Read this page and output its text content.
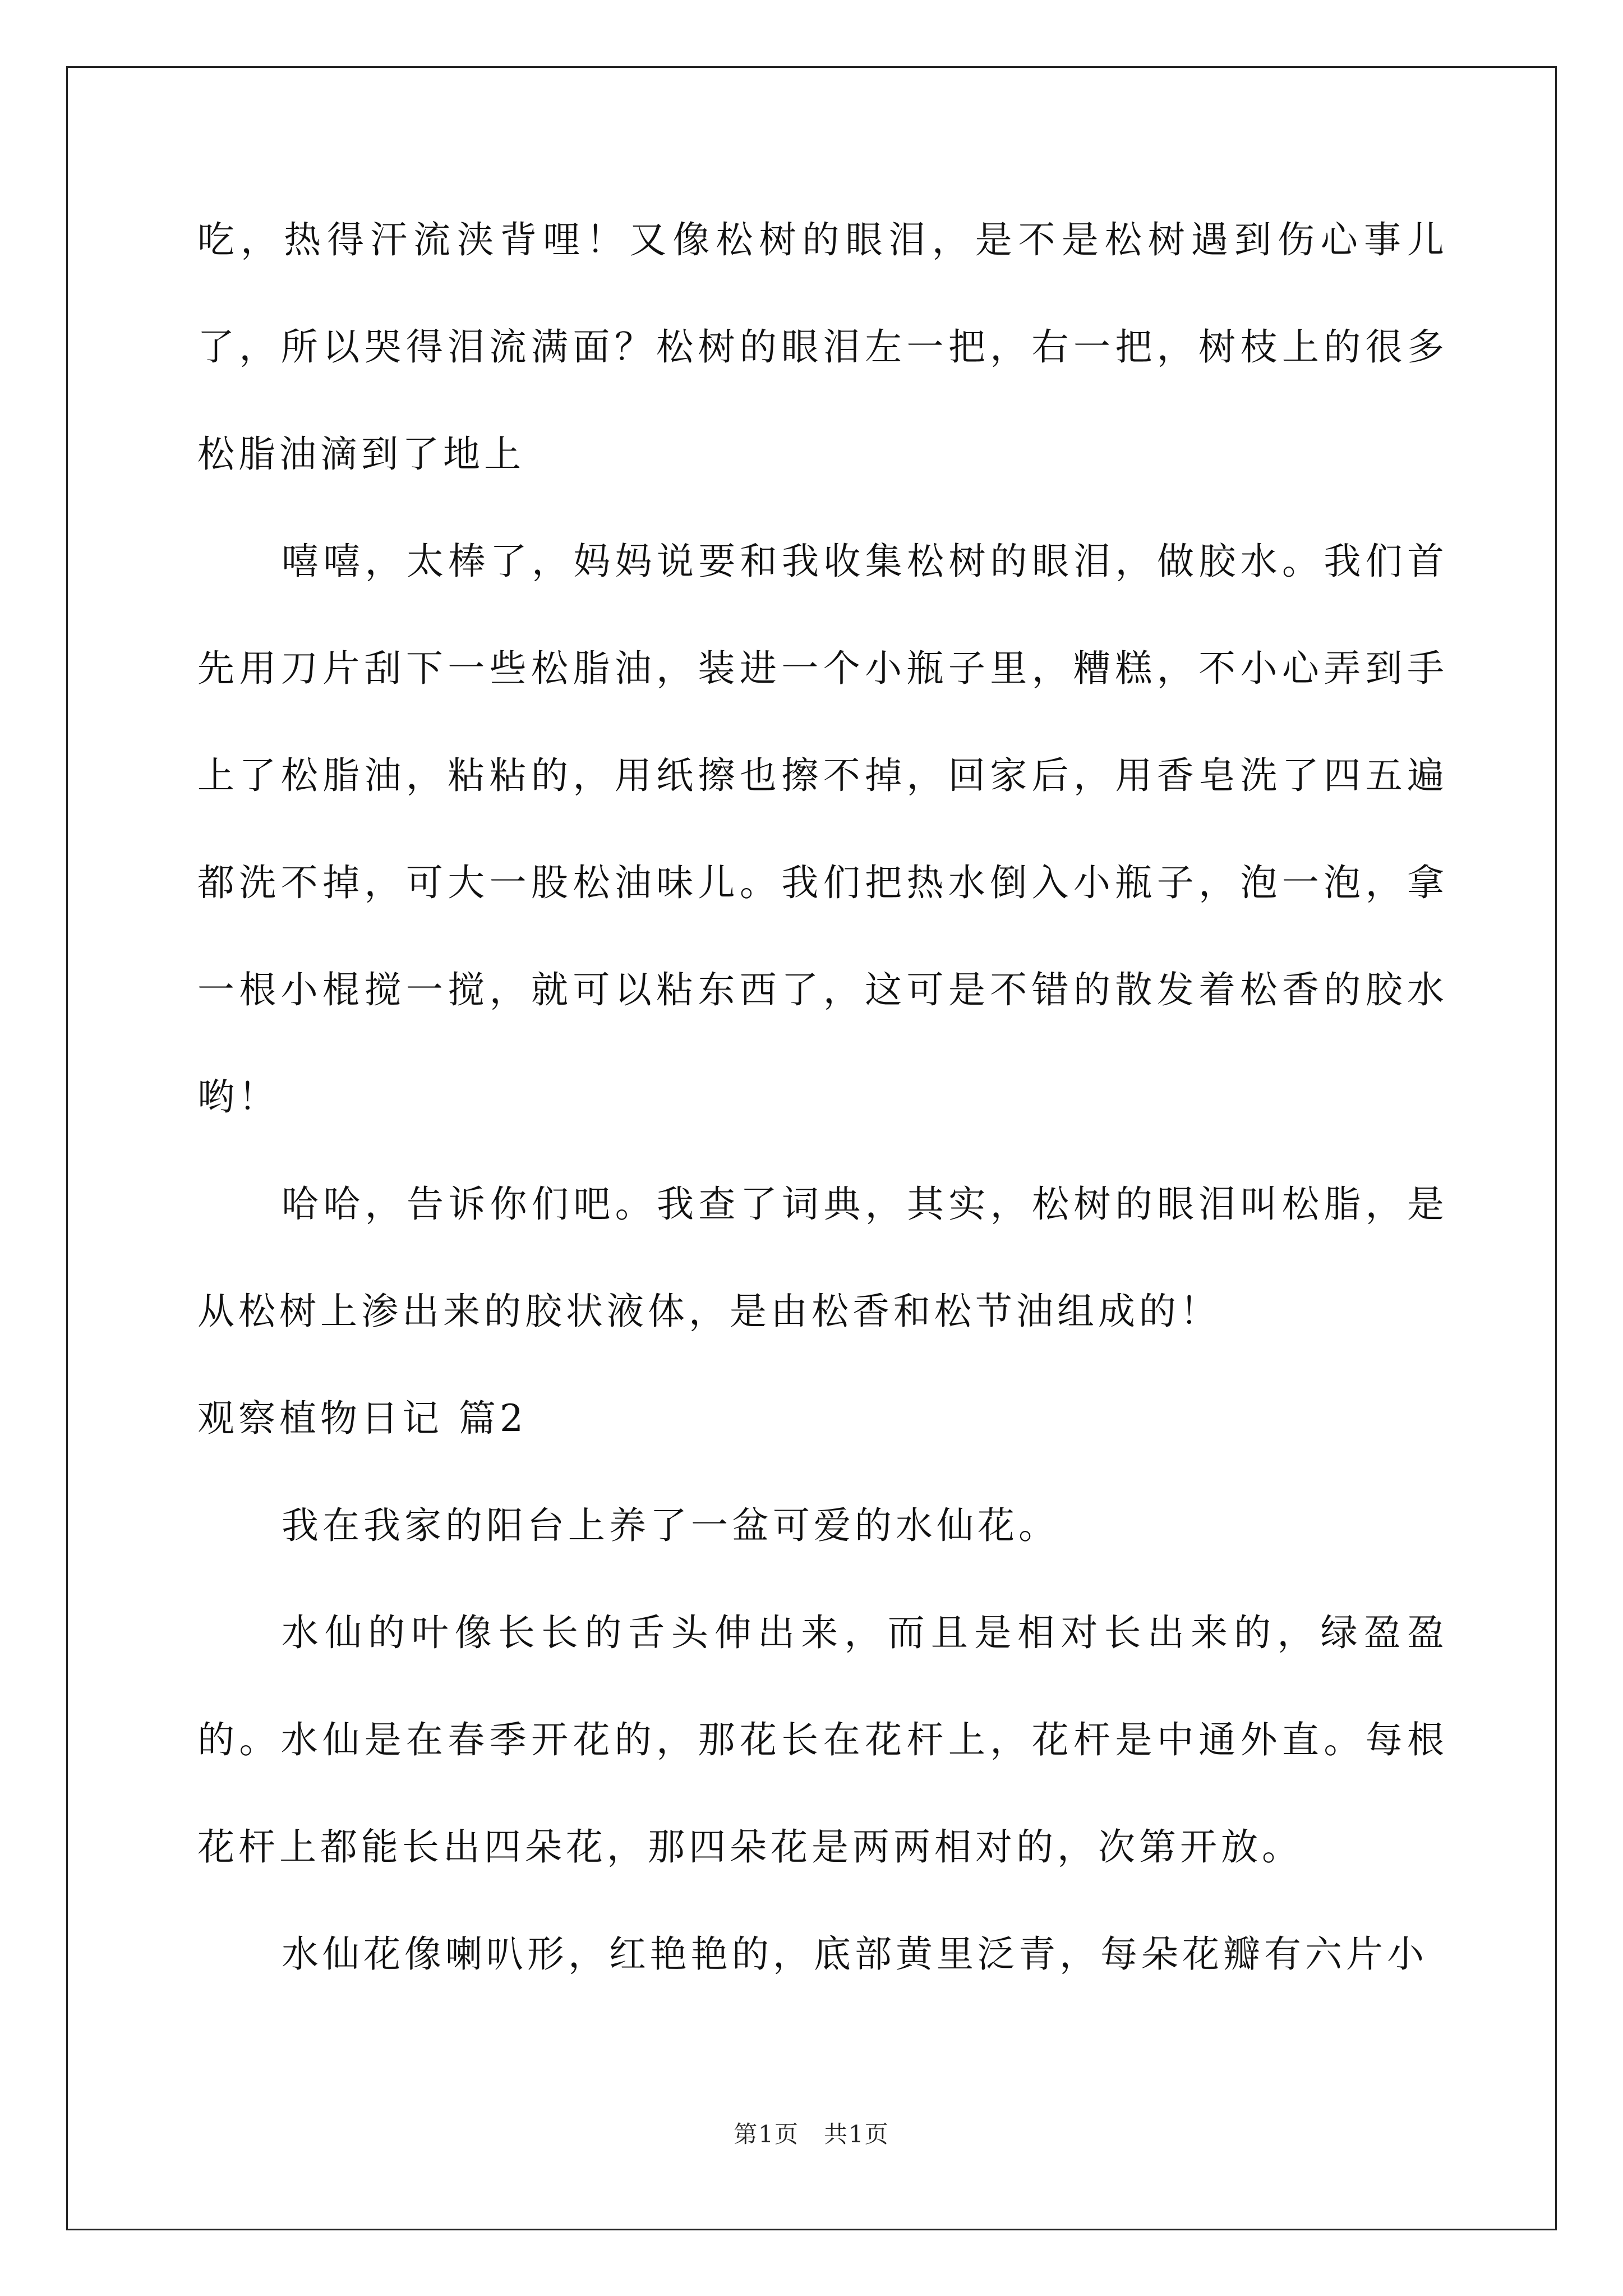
吃，热得汗流浃背哩！又像松树的眼泪，是不是松树遇到伤心事儿了，所以哭得泪流满面？松树的眼泪左一把，右一把，树枝上的很多松脂油滴到了地上

嘻嘻，太棒了，妈妈说要和我收集松树的眼泪，做胶水。我们首先用刀片刮下一些松脂油，装进一个小瓶子里，糟糕，不小心弄到手上了松脂油，粘粘的，用纸擦也擦不掉，回家后，用香皂洗了四五遍都洗不掉，可大一股松油味儿。我们把热水倒入小瓶子，泡一泡，拿一根小棍搅一搅，就可以粘东西了，这可是不错的散发着松香的胶水哟！

哈哈，告诉你们吧。我查了词典，其实，松树的眼泪叫松脂，是从松树上渗出来的胶状液体，是由松香和松节油组成的！

观察植物日记 篇2

我在我家的阳台上养了一盆可爱的水仙花。

水仙的叶像长长的舌头伸出来，而且是相对长出来的，绿盈盈的。水仙是在春季开花的，那花长在花杆上，花杆是中通外直。每根花杆上都能长出四朵花，那四朵花是两两相对的，次第开放。

水仙花像喇叭形，红艳艳的，底部黄里泛青，每朵花瓣有六片小

第1页　共1页
